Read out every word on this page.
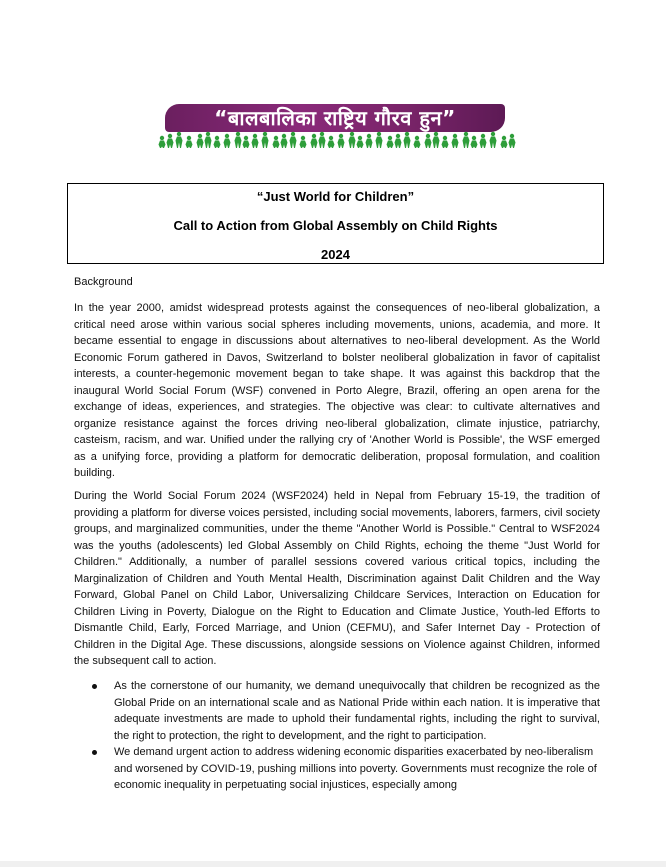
“बालबालिका राष्ट्रिय गौरव हुन”
“Just World for Children”
Call to Action from Global Assembly on Child Rights
2024
Background

In the year 2000, amidst widespread protests against the consequences of neo-liberal globalization, a critical need arose within various social spheres including movements, unions, academia, and more. It became essential to engage in discussions about alternatives to neo-liberal development. As the World Economic Forum gathered in Davos, Switzerland to bolster neoliberal globalization in favor of capitalist interests, a counter-hegemonic movement began to take shape. It was against this backdrop that the inaugural World Social Forum (WSF) convened in Porto Alegre, Brazil, offering an open arena for the exchange of ideas, experiences, and strategies. The objective was clear: to cultivate alternatives and organize resistance against the forces driving neo-liberal globalization, climate injustice, patriarchy, casteism, racism, and war. Unified under the rallying cry of 'Another World is Possible', the WSF emerged as a unifying force, providing a platform for democratic deliberation, proposal formulation, and coalition building.

During the World Social Forum 2024 (WSF2024) held in Nepal from February 15-19, the tradition of providing a platform for diverse voices persisted, including social movements, laborers, farmers, civil society groups, and marginalized communities, under the theme "Another World is Possible." Central to WSF2024 was the youths (adolescents) led Global Assembly on Child Rights, echoing the theme "Just World for Children." Additionally, a number of parallel sessions covered various critical topics, including the Marginalization of Children and Youth Mental Health, Discrimination against Dalit Children and the Way Forward, Global Panel on Child Labor, Universalizing Childcare Services, Interaction on Education for Children Living in Poverty, Dialogue on the Right to Education and Climate Justice, Youth-led Efforts to Dismantle Child, Early, Forced Marriage, and Union (CEFMU), and Safer Internet Day - Protection of Children in the Digital Age. These discussions, alongside sessions on Violence against Children, informed the subsequent call to action.

As the cornerstone of our humanity, we demand unequivocally that children be recognized as the Global Pride on an international scale and as National Pride within each nation. It is imperative that adequate investments are made to uphold their fundamental rights, including the right to survival, the right to protection, the right to development, and the right to participation.
We demand urgent action to address widening economic disparities exacerbated by neo-liberalism and worsened by COVID-19, pushing millions into poverty. Governments must recognize the role of economic inequality in perpetuating social injustices, especially among
